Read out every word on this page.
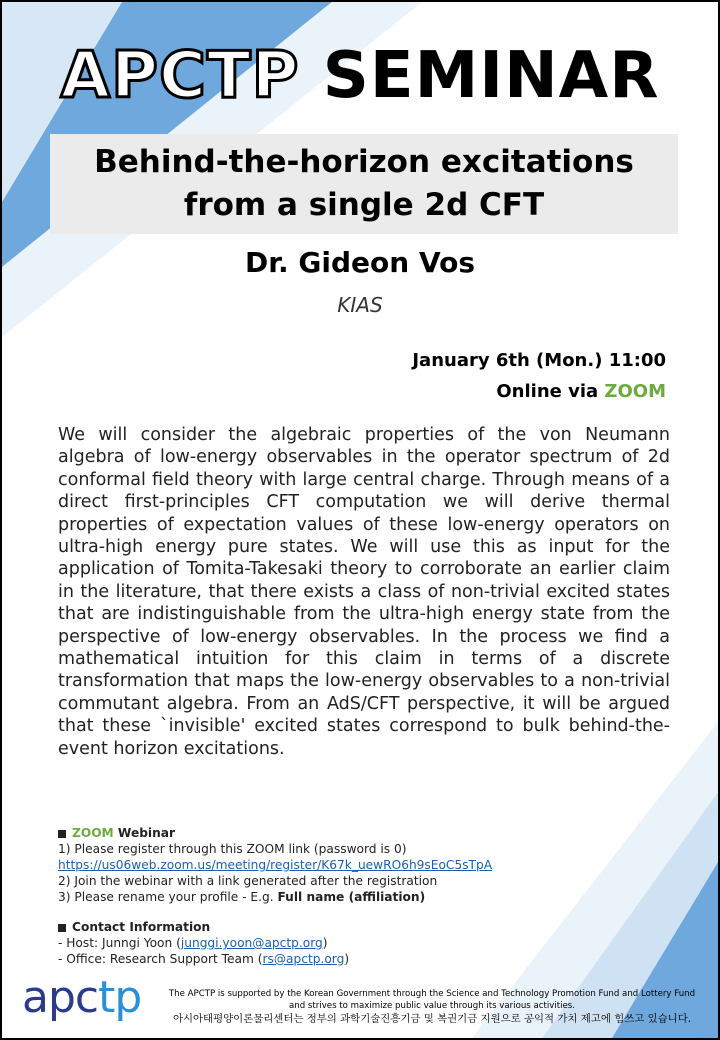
APCTP SEMINAR
Behind-the-horizon excitations
from a single 2d CFT
Dr. Gideon Vos
KIAS
January 6th (Mon.) 11:00
Online via ZOOM
We will consider the algebraic properties of the von Neumann algebra of low-energy observables in the operator spectrum of 2d conformal field theory with large central charge. Through means of a direct first-principles CFT computation we will derive thermal properties of expectation values of these low-energy operators on ultra-high energy pure states. We will use this as input for the application of Tomita-Takesaki theory to corroborate an earlier claim in the literature, that there exists a class of non-trivial excited states that are indistinguishable from the ultra-high energy state from the perspective of low-energy observables. In the process we find a mathematical intuition for this claim in terms of a discrete transformation that maps the low-energy observables to a non-trivial commutant algebra. From an AdS/CFT perspective, it will be argued that these `invisible' excited states correspond to bulk behind-the-event horizon excitations.
ZOOM Webinar
1) Please register through this ZOOM link (password is 0)
https://us06web.zoom.us/meeting/register/K67k_uewRO6h9sEoC5sTpA
2) Join the webinar with a link generated after the registration
3) Please rename your profile - E.g. Full name (affiliation)
Contact Information
- Host: Junngi Yoon (junggi.yoon@apctp.org)
- Office: Research Support Team (rs@apctp.org)
apctp	The APCTP is supported by the Korean Government through the Science and Technology Promotion Fund and Lottery Fund
and strives to maximize public value through its various activities.
아시아태평양이론물리센터는 정부의 과학기술진흥기금 및 복권기금 지원으로 공익적 가치 제고에 힘쓰고 있습니다.
